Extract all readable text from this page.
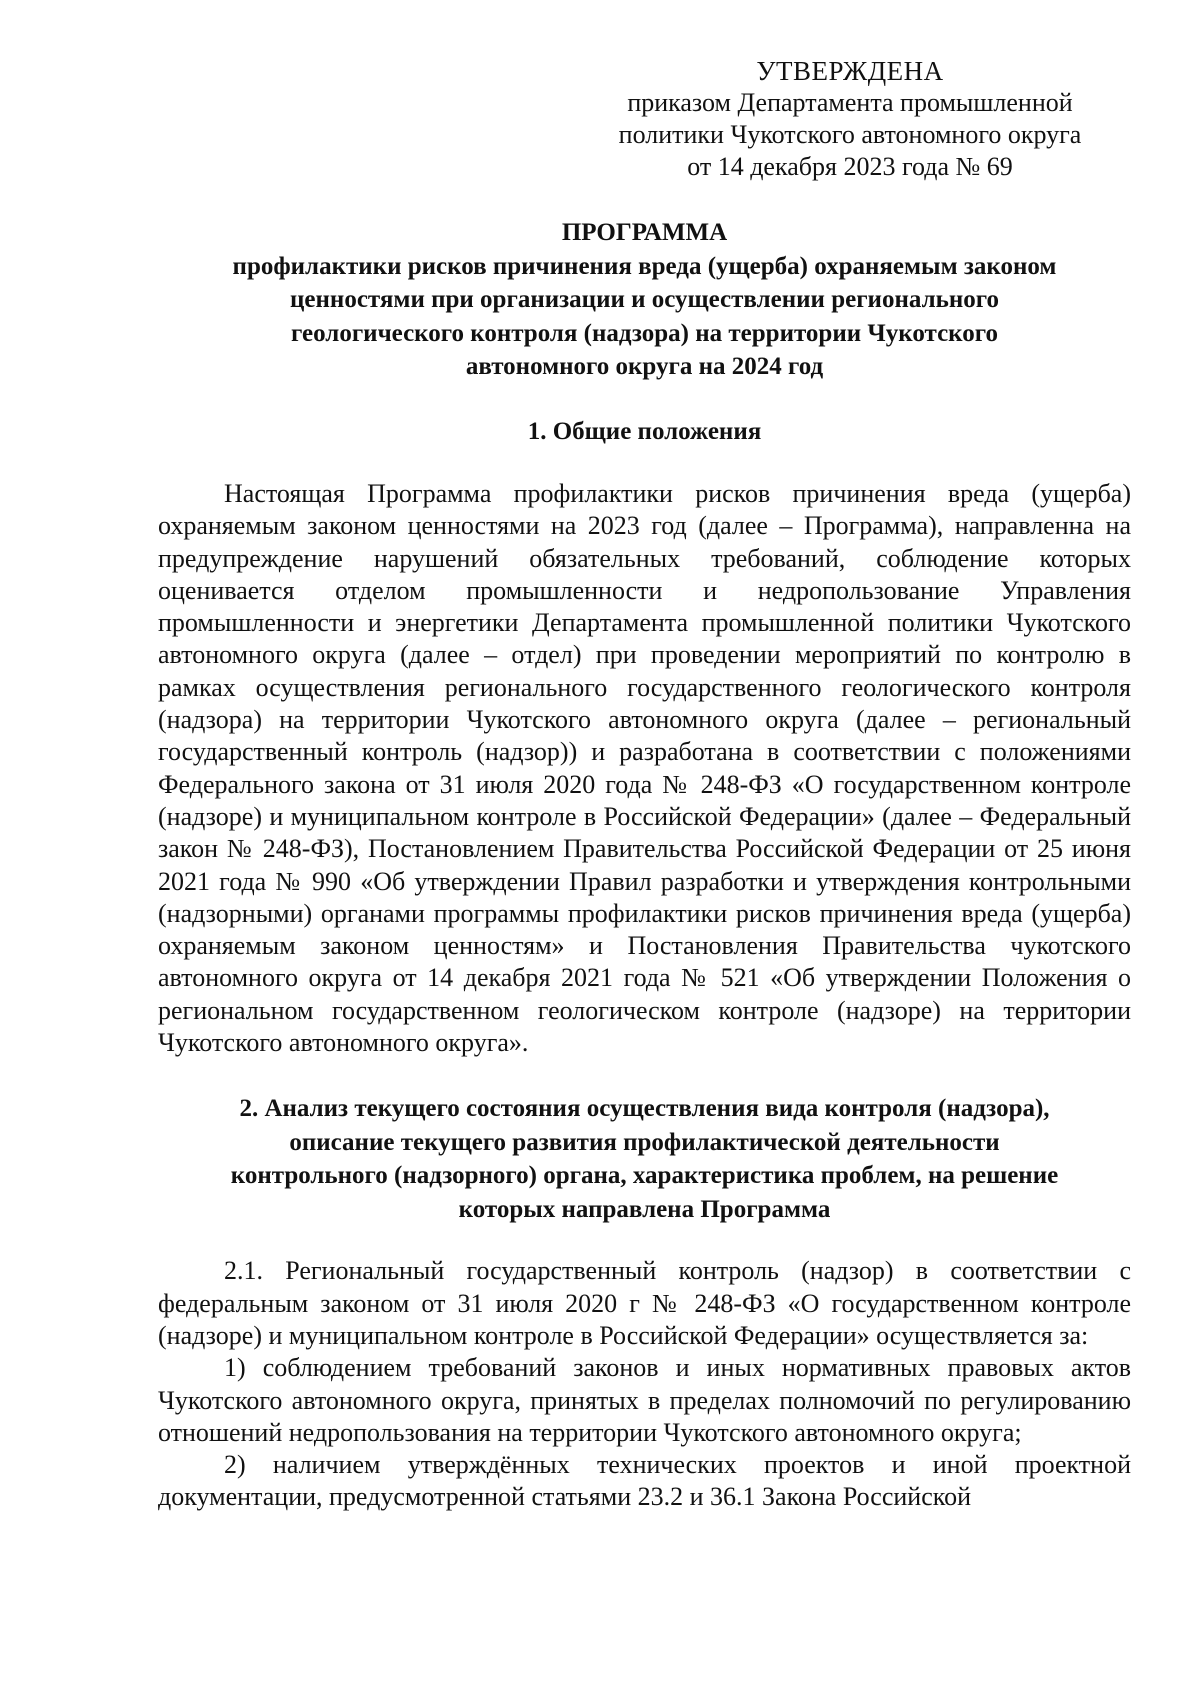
УТВЕРЖДЕНА
приказом Департамента промышленной
политики Чукотского автономного округа
от 14 декабря 2023 года № 69
ПРОГРАММА
профилактики рисков причинения вреда (ущерба) охраняемым законом
ценностями при организации и осуществлении регионального
геологического контроля (надзора) на территории Чукотского
автономного округа на 2024 год
1. Общие положения

Настоящая Программа профилактики рисков причинения вреда (ущерба) охраняемым законом ценностями на 2023 год (далее – Программа), направленна на предупреждение нарушений обязательных требований, соблюдение которых оценивается отделом промышленности и недропользование Управления промышленности и энергетики Департамента промышленной политики Чукотского автономного округа (далее – отдел) при проведении мероприятий по контролю в рамках осуществления регионального государственного геологического контроля (надзора) на территории Чукотского автономного округа (далее – региональный государственный контроль (надзор)) и разработана в соответствии с положениями Федерального закона от 31 июля 2020 года № 248-ФЗ «О государственном контроле (надзоре) и муниципальном контроле в Российской Федерации» (далее – Федеральный закон № 248-ФЗ), Постановлением Правительства Российской Федерации от 25 июня 2021 года № 990 «Об утверждении Правил разработки и утверждения контрольными (надзорными) органами программы профилактики рисков причинения вреда (ущерба) охраняемым законом ценностям» и Постановления Правительства чукотского автономного округа от 14 декабря 2021 года № 521 «Об утверждении Положения о региональном государственном геологическом контроле (надзоре) на территории Чукотского автономного округа».

2. Анализ текущего состояния осуществления вида контроля (надзора),
описание текущего развития профилактической деятельности
контрольного (надзорного) органа, характеристика проблем, на решение
которых направлена Программа

2.1. Региональный государственный контроль (надзор) в соответствии с федеральным законом от 31 июля 2020 г № 248-ФЗ «О государственном контроле (надзоре) и муниципальном контроле в Российской Федерации» осуществляется за:

1) соблюдением требований законов и иных нормативных правовых актов Чукотского автономного округа, принятых в пределах полномочий по регулированию отношений недропользования на территории Чукотского автономного округа;

2) наличием утверждённых технических проектов и иной проектной документации, предусмотренной статьями 23.2 и 36.1 Закона Российской
